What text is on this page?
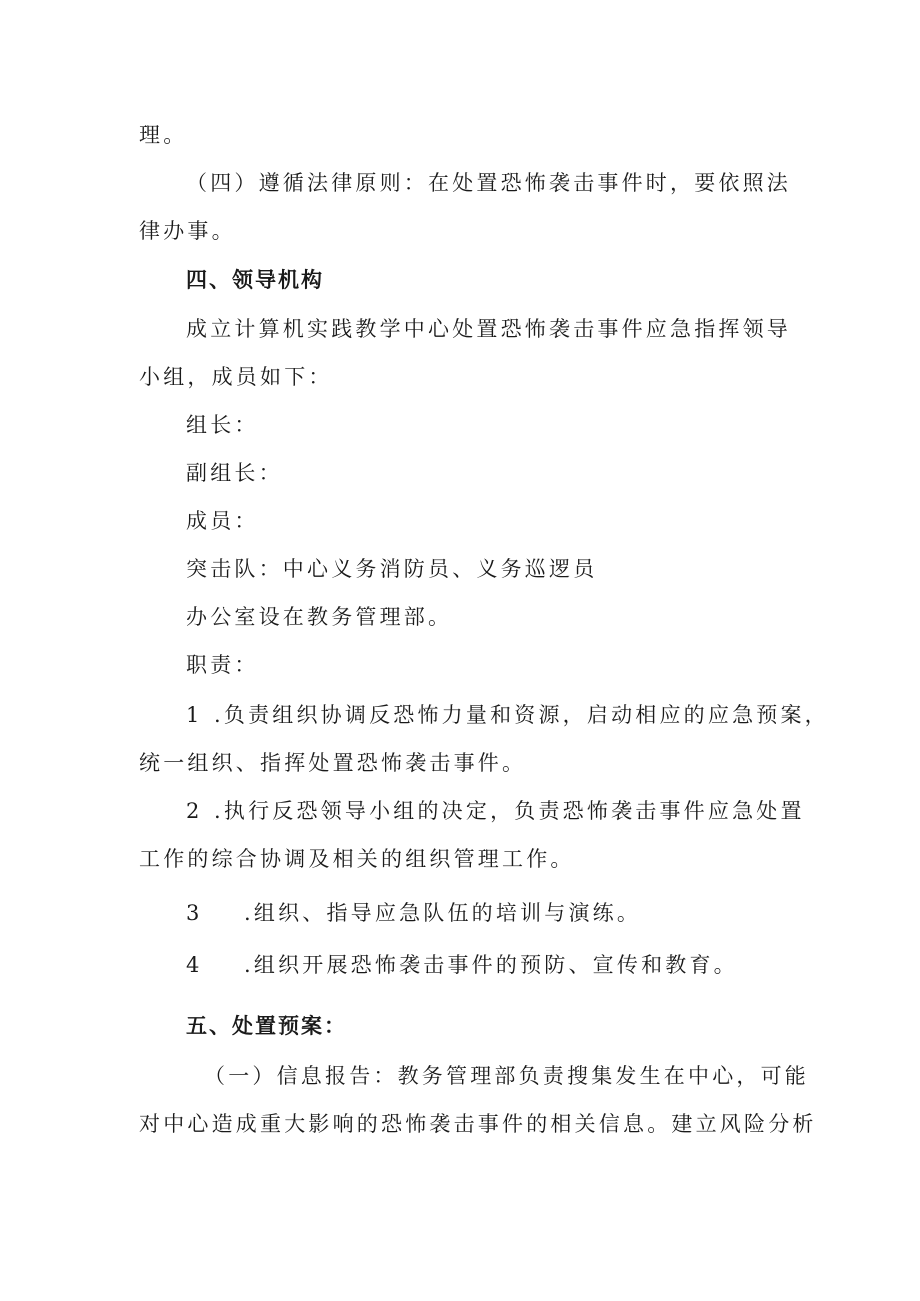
理。
（四）遵循法律原则：在处置恐怖袭击事件时，要依照法
律办事。
四、领导机构
成立计算机实践教学中心处置恐怖袭击事件应急指挥领导
小组，成员如下：
组长：
副组长：
成员：
突击队：中心义务消防员、义务巡逻员
办公室设在教务管理部。
职责：
1 .负责组织协调反恐怖力量和资源，启动相应的应急预案，
统一组织、指挥处置恐怖袭击事件。
2 .执行反恐领导小组的决定，负责恐怖袭击事件应急处置
工作的综合协调及相关的组织管理工作。
3 .组织、指导应急队伍的培训与演练。
4 .组织开展恐怖袭击事件的预防、宣传和教育。
五、处置预案：
（一）信息报告：教务管理部负责搜集发生在中心，可能
对中心造成重大影响的恐怖袭击事件的相关信息。建立风险分析
